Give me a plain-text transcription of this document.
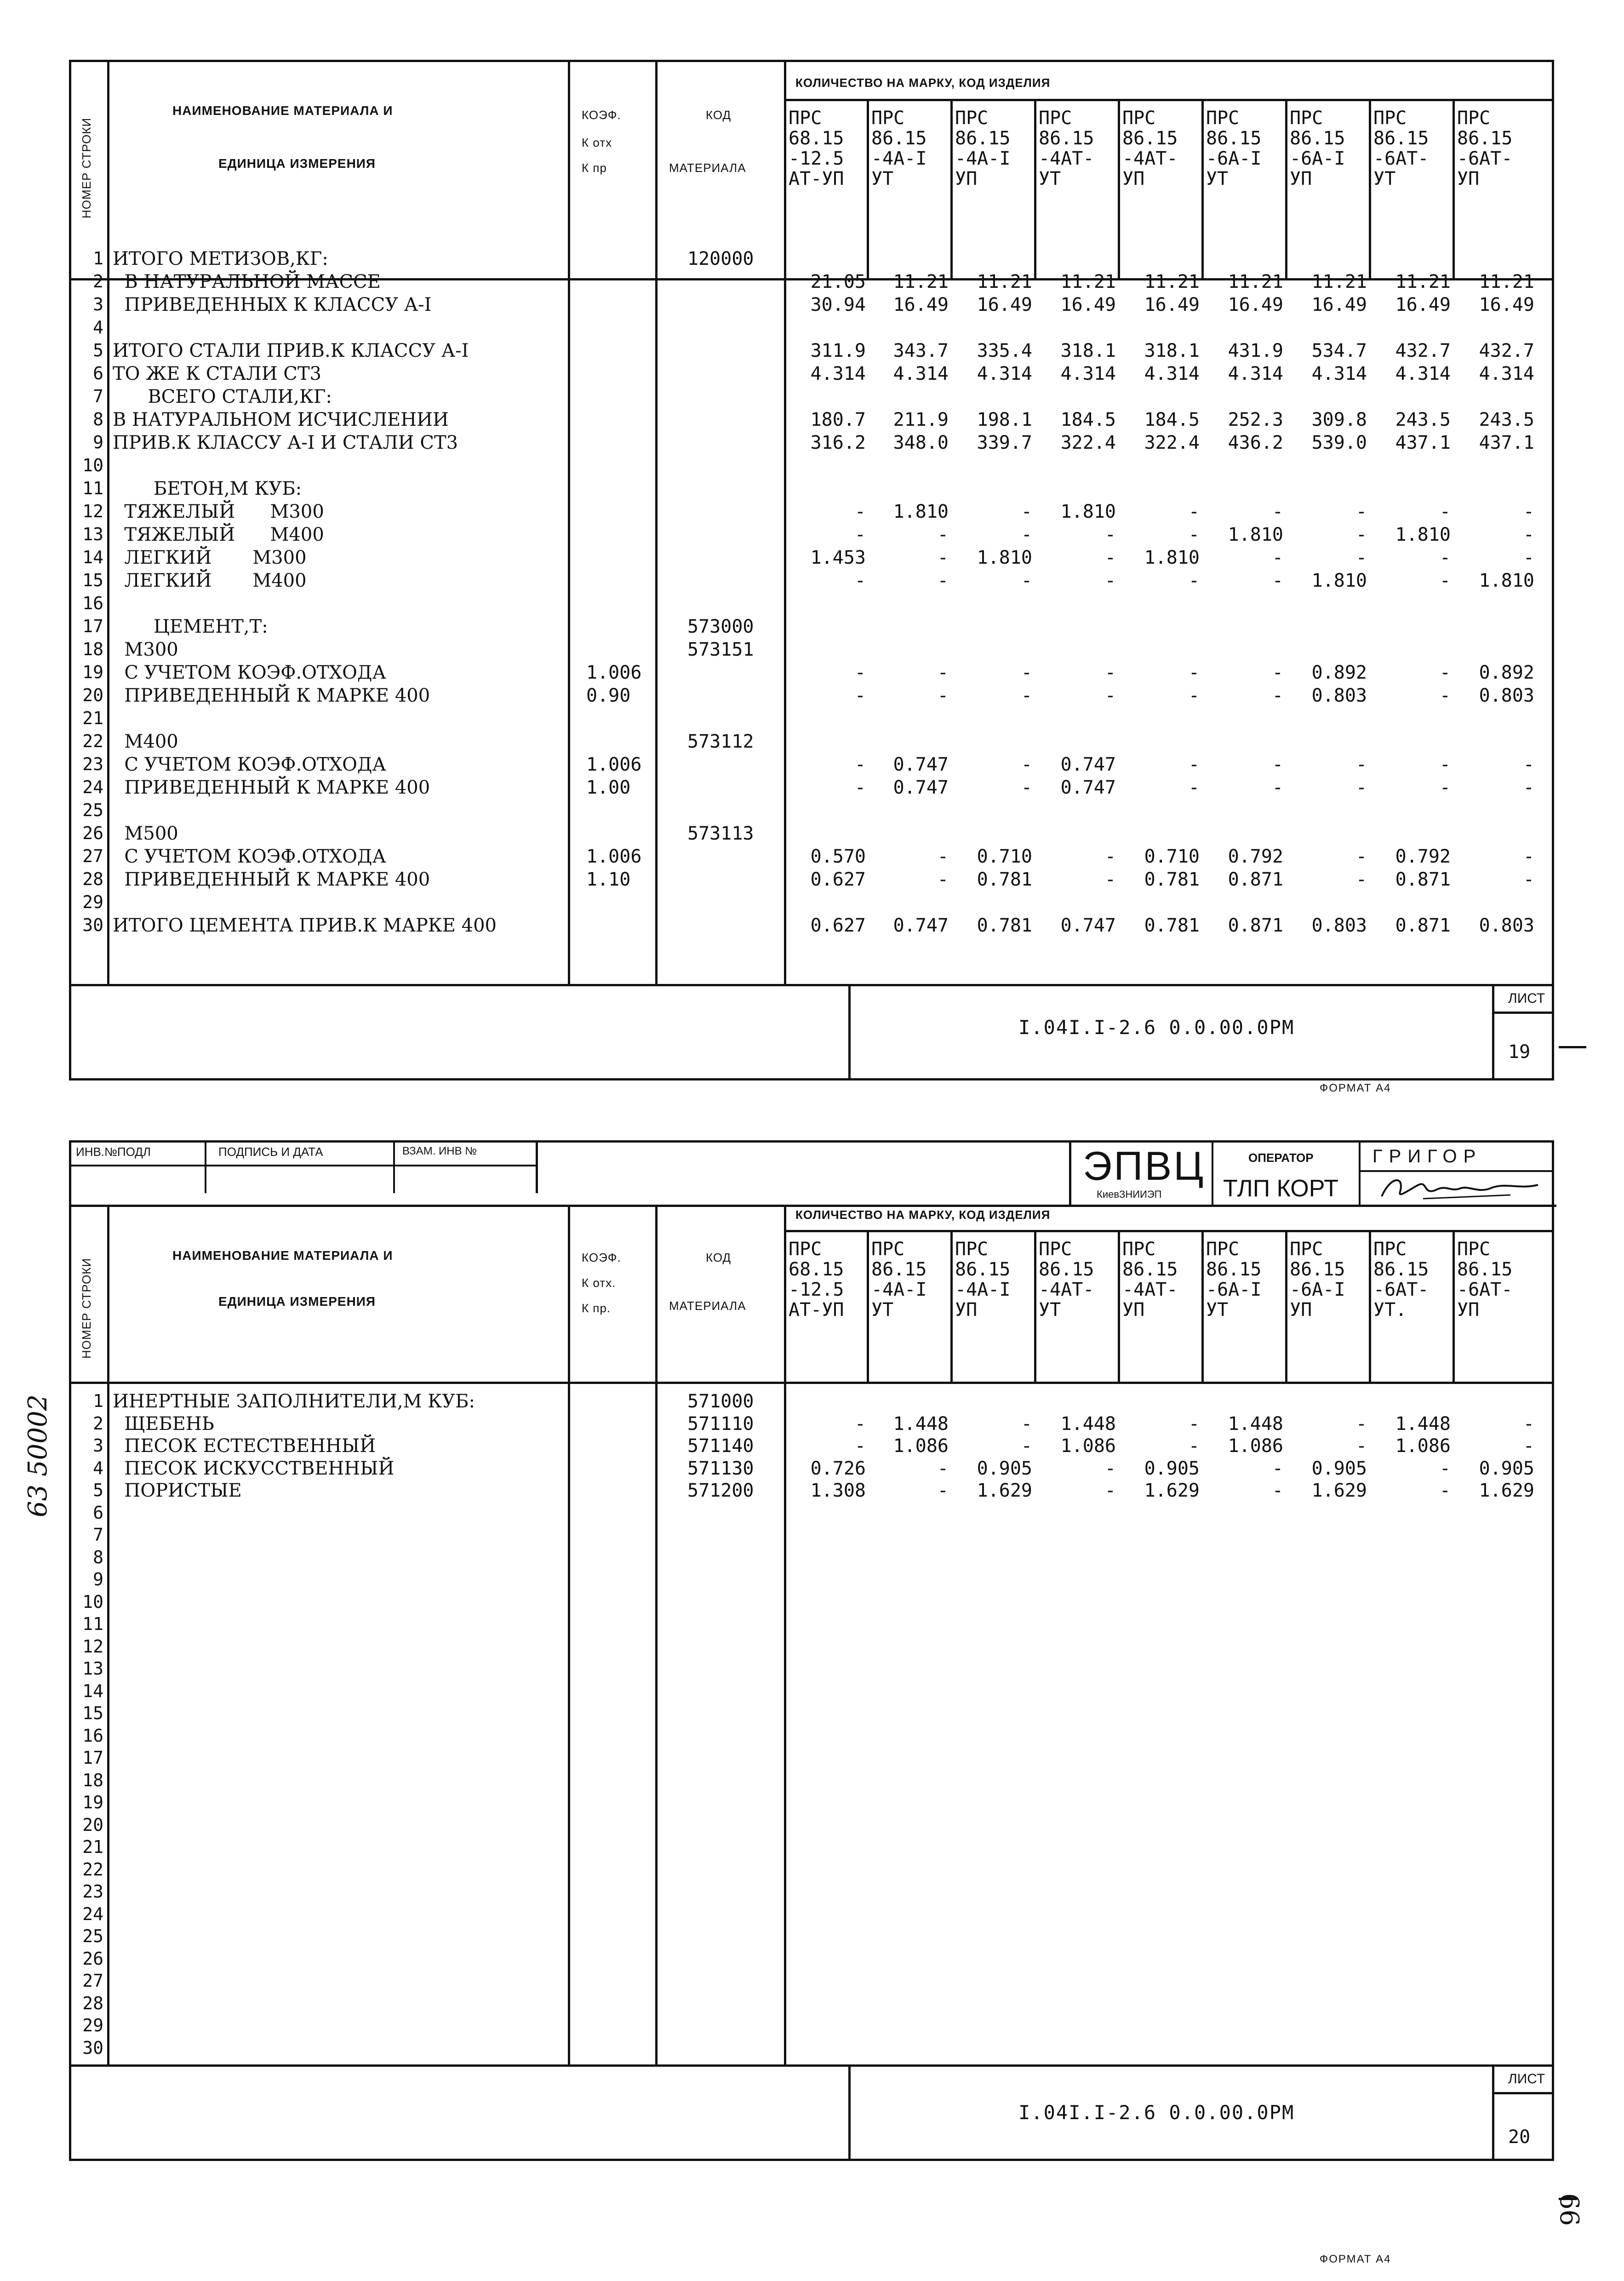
НОМЕР СТРОКИ
НАИМЕНОВАНИЕ МАТЕРИАЛА И
ЕДИНИЦА ИЗМЕРЕНИЯ
КОЭФ.
К отх
К пр
КОД
МАТЕРИАЛА
КОЛИЧЕСТВО НА МАРКУ, КОД ИЗДЕЛИЯ
ПРС
68.15
-12.5
АТ-УП
ПРС
86.15
-4А-I
УТ
ПРС
86.15
-4А-I
УП
ПРС
86.15
-4АТ-
УТ
ПРС
86.15
-4АТ-
УП
ПРС
86.15
-6А-I
УТ
ПРС
86.15
-6А-I
УП
ПРС
86.15
-6АТ-
УТ
ПРС
86.15
-6АТ-
УП
1 ИТОГО МЕТИЗОВ,КГ:	120000
2 В НАТУРАЛЬНОЙ МАССЕ	21.05	11.21	11.21	11.21	11.21	11.21	11.21	11.21	11.21
3 ПРИВЕДЕННЫХ К КЛАССУ А-I	30.94	16.49	16.49	16.49	16.49	16.49	16.49	16.49	16.49
4
5 ИТОГО СТАЛИ ПРИВ.К КЛАССУ А-I	311.9	343.7	335.4	318.1	318.1	431.9	534.7	432.7	432.7
6 ТО ЖЕ К СТАЛИ СТ3	4.314	4.314	4.314	4.314	4.314	4.314	4.314	4.314	4.314
7 ВСЕГО СТАЛИ,КГ:
8 В НАТУРАЛЬНОМ ИСЧИСЛЕНИИ	180.7	211.9	198.1	184.5	184.5	252.3	309.8	243.5	243.5
9 ПРИВ.К КЛАССУ А-I И СТАЛИ СТ3	316.2	348.0	339.7	322.4	322.4	436.2	539.0	437.1	437.1
10
11 БЕТОН,М КУБ:
12 ТЯЖЕЛЫЙ      М300	-	1.810	-	1.810	-	-	-	-	-
13 ТЯЖЕЛЫЙ      М400	-	-	-	-	-	1.810	-	1.810	-
14 ЛЕГКИЙ       М300	1.453	-	1.810	-	1.810	-	-	-	-
15 ЛЕГКИЙ       М400	-	-	-	-	-	-	1.810	-	1.810
16
17 ЦЕМЕНТ,Т:	573000
18 М300	573151
19 С УЧЕТОМ КОЭФ.ОТХОДА	1.006	-	-	-	-	-	-	0.892	-	0.892
20 ПРИВЕДЕННЫЙ К МАРКЕ 400	0.90	-	-	-	-	-	-	0.803	-	0.803
21
22 М400	573112
23 С УЧЕТОМ КОЭФ.ОТХОДА	1.006	-	0.747	-	0.747	-	-	-	-	-
24 ПРИВЕДЕННЫЙ К МАРКЕ 400	1.00	-	0.747	-	0.747	-	-	-	-	-
25
26 М500	573113
27 С УЧЕТОМ КОЭФ.ОТХОДА	1.006	0.570	-	0.710	-	0.710	0.792	-	0.792	-
28 ПРИВЕДЕННЫЙ К МАРКЕ 400	1.10	0.627	-	0.781	-	0.781	0.871	-	0.871	-
29
30 ИТОГО ЦЕМЕНТА ПРИВ.К МАРКЕ 400	0.627	0.747	0.781	0.747	0.781	0.871	0.803	0.871	0.803
I.04I.I-2.6 0.0.00.0PM
ЛИСТ
19
ФОРМАТ А4
ИНВ.№ПОДЛ	ПОДПИСЬ И ДАТА	ВЗАМ. ИНВ №	ЭПВЦ
КиевЗНИИЭП
ОПЕРАТОР
ТЛП КОРТ
ГРИГОР
НОМЕР СТРОКИ
НАИМЕНОВАНИЕ МАТЕРИАЛА И
ЕДИНИЦА ИЗМЕРЕНИЯ
КОЭФ.
К отх.
К пр.
КОД
МАТЕРИАЛА
КОЛИЧЕСТВО НА МАРКУ, КОД ИЗДЕЛИЯ
ПРС
68.15
-12.5
АТ-УП
ПРС
86.15
-4А-I
УТ
ПРС
86.15
-4А-I
УП
ПРС
86.15
-4АТ-
УТ
ПРС
86.15
-4АТ-
УП
ПРС
86.15
-6А-I
УТ
ПРС
86.15
-6А-I
УП
ПРС
86.15
-6АТ-
УТ.
ПРС
86.15
-6АТ-
УП
1 ИНЕРТНЫЕ ЗАПОЛНИТЕЛИ,М КУБ:	571000
2 ЩЕБЕНЬ	571110	-	1.448	-	1.448	-	1.448	-	1.448	-
3 ПЕСОК ЕСТЕСТВЕННЫЙ	571140	-	1.086	-	1.086	-	1.086	-	1.086	-
4 ПЕСОК ИСКУССТВЕННЫЙ	571130	0.726	-	0.905	-	0.905	-	0.905	-	0.905
5 ПОРИСТЫЕ	571200	1.308	-	1.629	-	1.629	-	1.629	-	1.629
6
7
8
9
10
11
12
13
14
15
16
17
18
19
20
21
22
23
24
25
26
27
28
29
30
I.04I.I-2.6 0.0.00.0PM
ЛИСТ
20
ФОРМАТ А4
63 50002
66
